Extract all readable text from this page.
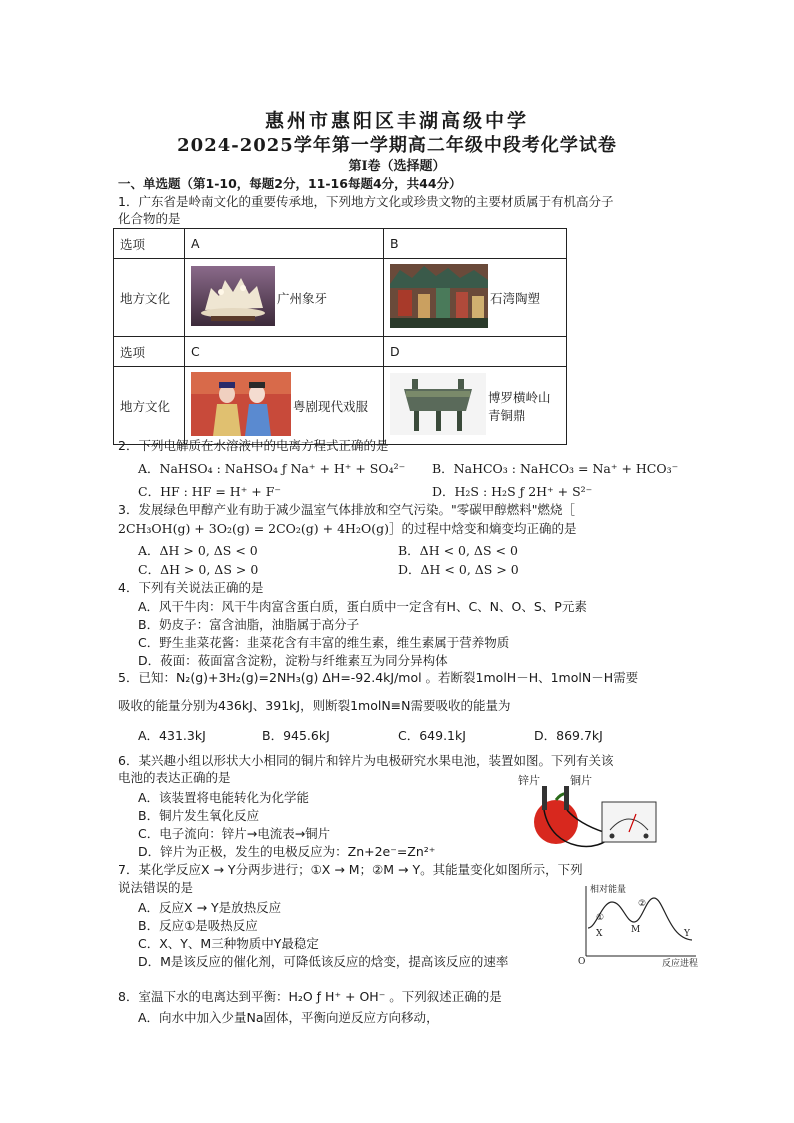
惠州市惠阳区丰湖高级中学
2024-2025学年第一学期高二年级中段考化学试卷
第I卷（选择题）
一、单选题（第1-10，每题2分，11-16每题4分，共44分）
1．广东省是岭南文化的重要传承地，下列地方文化或珍贵文物的主要材质属于有机高分子
化合物的是
选项	A	B
地方文化	广州象牙	石湾陶塑

选项	C	D
地方文化	粤剧现代戏服	博罗横岭山青铜鼎
2．下列电解质在水溶液中的电离方程式正确的是
A．NaHSO₄ : NaHSO₄ ƒ Na⁺ + H⁺ + SO₄²⁻ B．NaHCO₃ : NaHCO₃ = Na⁺ + HCO₃⁻
C．HF : HF = H⁺ + F⁻	D．H₂S : H₂S ƒ 2H⁺ + S²⁻
3．发展绿色甲醇产业有助于减少温室气体排放和空气污染。"零碳甲醇燃料"燃烧［
2CH₃OH(g) + 3O₂(g) = 2CO₂(g) + 4H₂O(g)］的过程中焓变和熵变均正确的是
A．ΔH > 0, ΔS < 0	B．ΔH < 0, ΔS < 0
C．ΔH > 0, ΔS > 0	D．ΔH < 0, ΔS > 0
4．下列有关说法正确的是
A．风干牛肉：风干牛肉富含蛋白质，蛋白质中一定含有H、C、N、O、S、P元素
B．奶皮子：富含油脂，油脂属于高分子
C．野生韭菜花酱：韭菜花含有丰富的维生素，维生素属于营养物质
D．莜面：莜面富含淀粉，淀粉与纤维素互为同分异构体
5．已知：N₂(g)+3H₂(g)=2NH₃(g) ΔH=-92.4kJ/mol 。若断裂1molH－H、1molN－H需要
吸收的能量分别为436kJ、391kJ，则断裂1molN≡N需要吸收的能量为
A．431.3kJ	B．945.6kJ	C．649.1kJ	D．869.7kJ
6．某兴趣小组以形状大小相同的铜片和锌片为电极研究水果电池，装置如图。下列有关该
电池的表达正确的是
A．该装置将电能转化为化学能
B．铜片发生氧化反应
C．电子流向：锌片→电流表→铜片
D．锌片为正极，发生的电极反应为：Zn+2e⁻=Zn²⁺
锌片	铜片
7．某化学反应X → Y分两步进行；①X → M；②M → Y。其能量变化如图所示，下列
说法错误的是
A．反应X → Y是放热反应
B．反应①是吸热反应
C．X、Y、M三种物质中Y最稳定
D．M是该反应的催化剂，可降低该反应的焓变，提高该反应的速率
相对能量
反应进程
O
①
②
X	M	Y
8．室温下水的电离达到平衡：H₂O ƒ H⁺ + OH⁻ 。下列叙述正确的是
A．向水中加入少量Na固体，平衡向逆反应方向移动，
